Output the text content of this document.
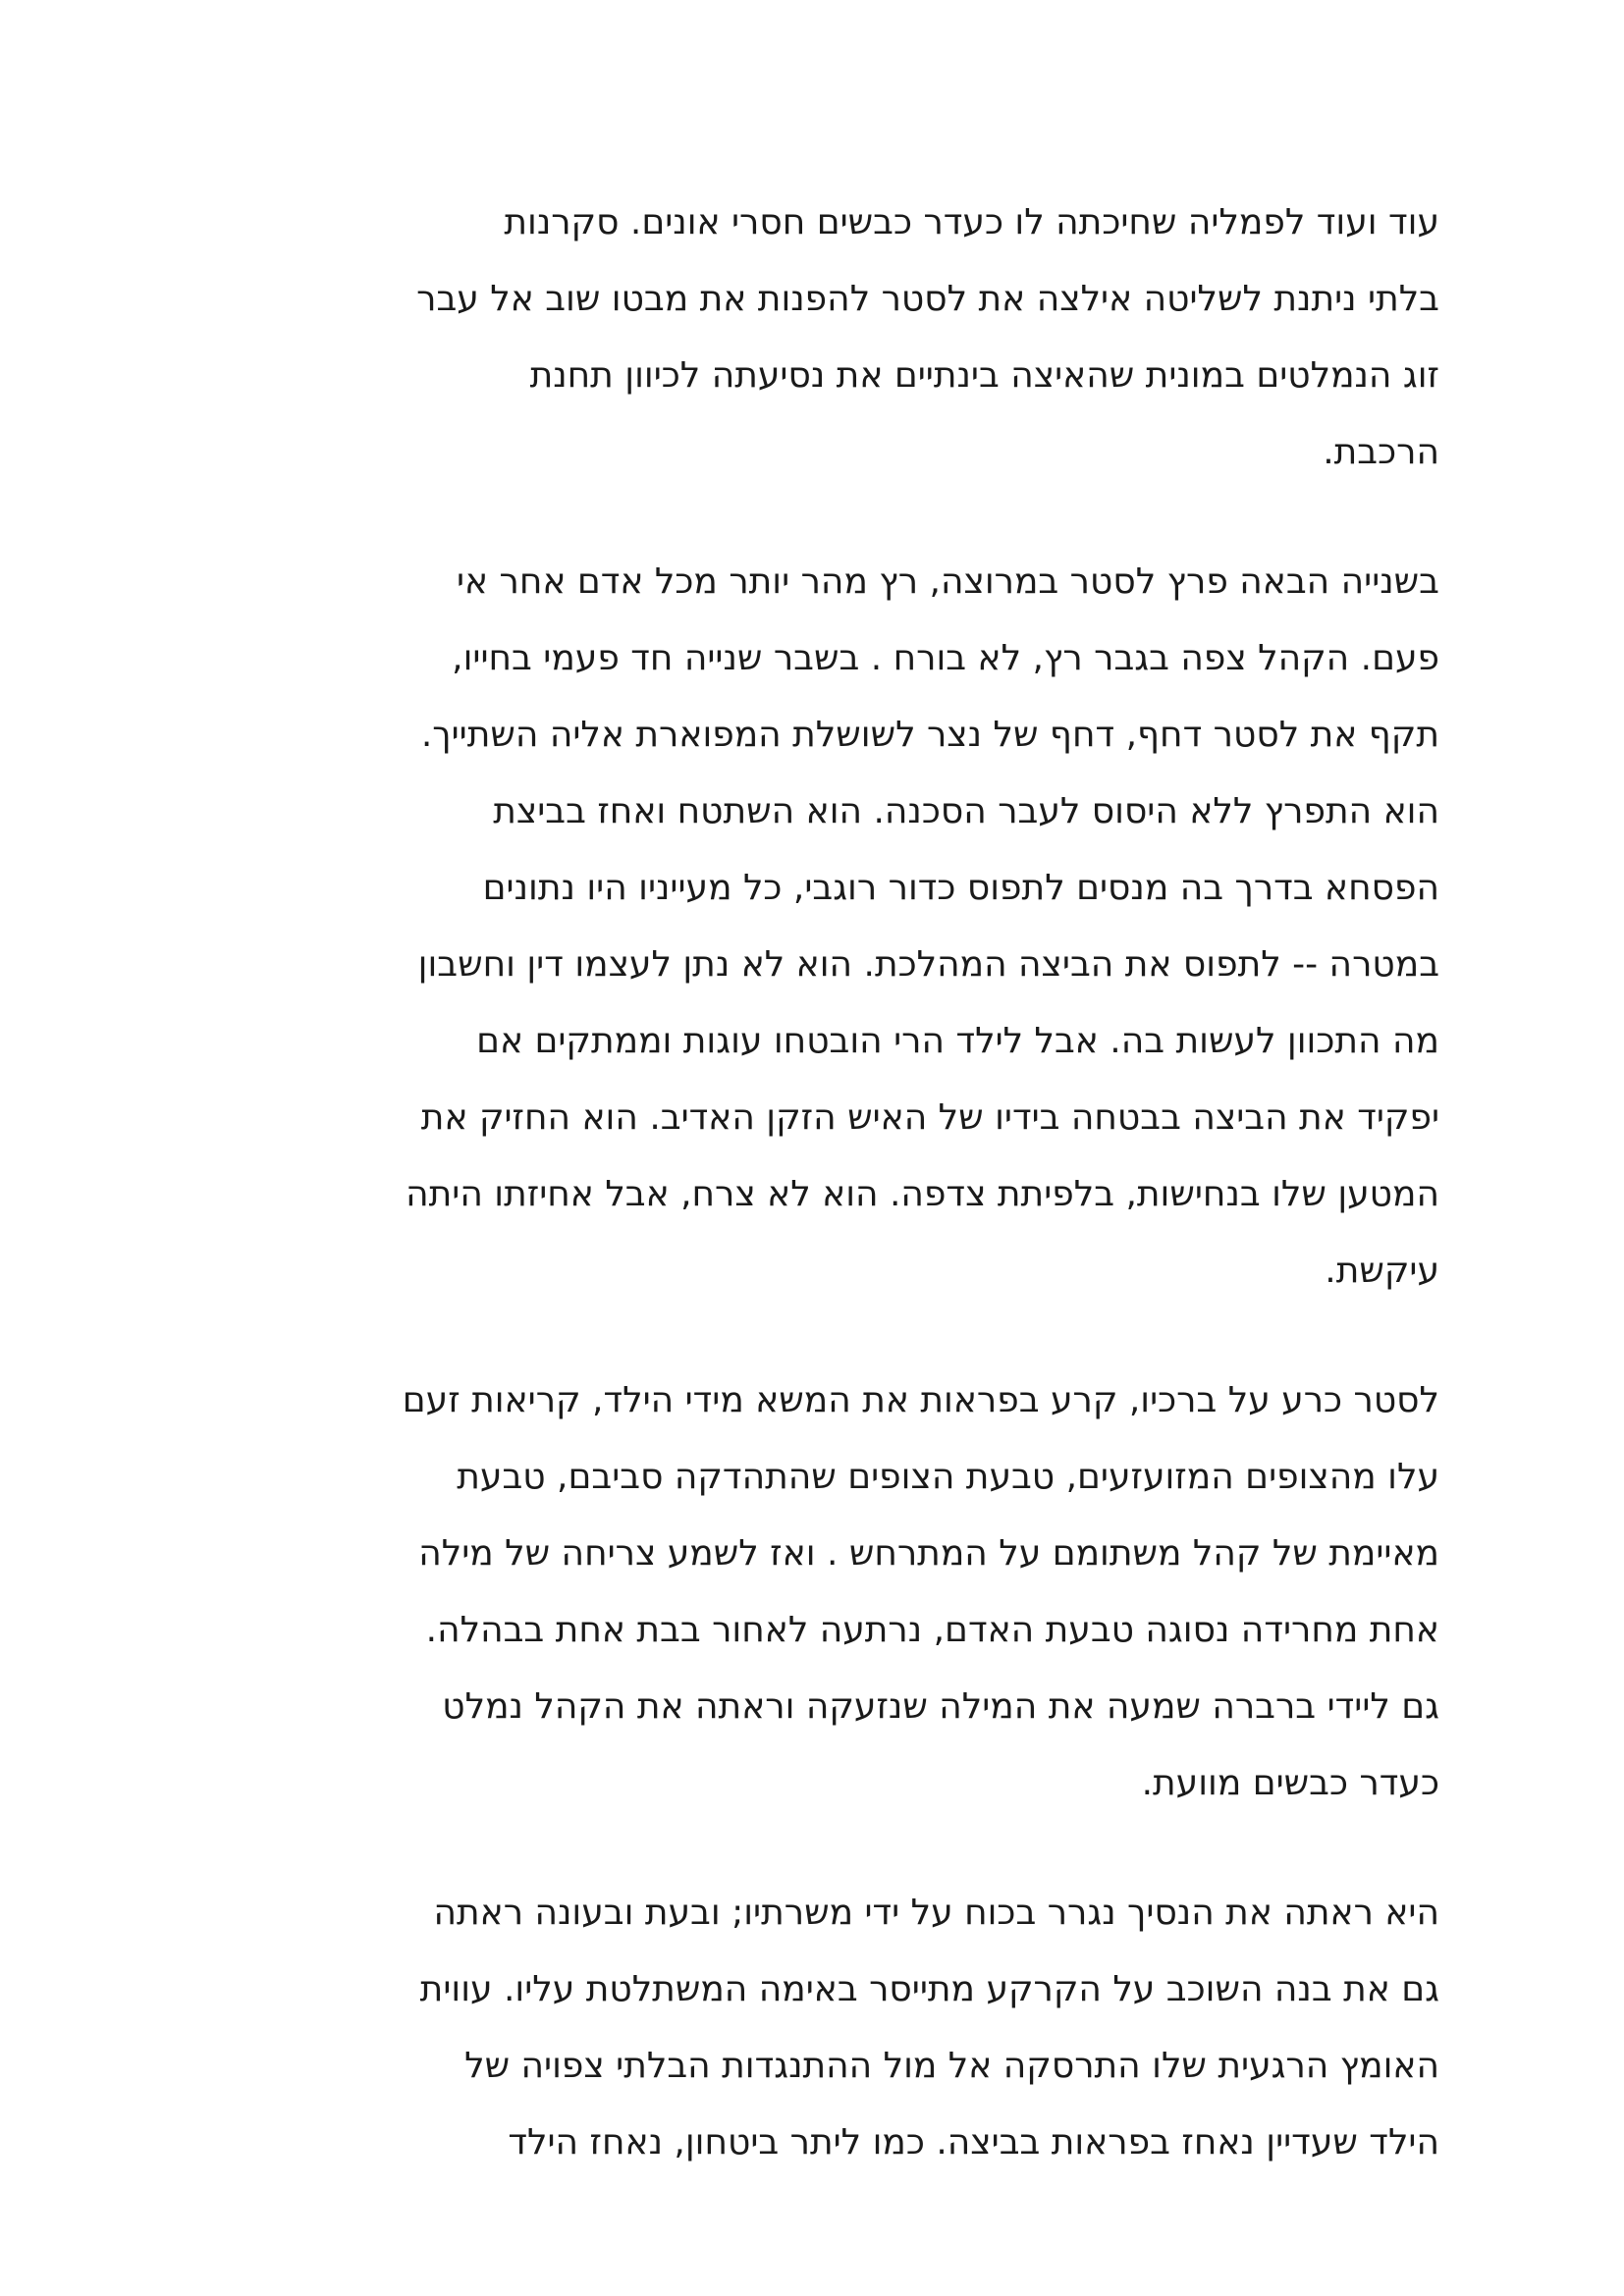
עוד ועוד לפמליה שחיכתה לו כעדר כבשים חסרי אונים. סקרנות
בלתי ניתנת לשליטה אילצה את לסטר להפנות את מבטו שוב אל עבר
זוג הנמלטים במונית שהאיצה בינתיים את נסיעתה לכיוון תחנת
הרכבת.

בשנייה הבאה פרץ לסטר במרוצה, רץ מהר יותר מכל אדם אחר אי
פעם. הקהל צפה בגבר רץ, לא בורח . בשבר שנייה חד פעמי בחייו,
תקף את לסטר דחף, דחף של נצר לשושלת המפוארת אליה השתייך.
הוא התפרץ ללא היסוס לעבר הסכנה. הוא השתטח ואחז בביצת
הפסחא בדרך בה מנסים לתפוס כדור רוגבי, כל מעייניו היו נתונים
במטרה -- לתפוס את הביצה המהלכת. הוא לא נתן לעצמו דין וחשבון
מה התכוון לעשות בה. אבל לילד הרי הובטחו עוגות וממתקים אם
יפקיד את הביצה בבטחה בידיו של האיש הזקן האדיב. הוא החזיק את
המטען שלו בנחישות, בלפיתת צדפה. הוא לא צרח, אבל אחיזתו היתה
עיקשת.

לסטר כרע על ברכיו, קרע בפראות את המשא מידי הילד, קריאות זעם
עלו מהצופים המזועזעים, טבעת הצופים שהתהדקה סביבם, טבעת
מאיימת של קהל משתומם על המתרחש . ואז לשמע צריחה של מילה
אחת מחרידה נסוגה טבעת האדם, נרתעה לאחור בבת אחת בבהלה.
גם ליידי ברברה שמעה את המילה שנזעקה וראתה את הקהל נמלט
כעדר כבשים מוועת.

היא ראתה את הנסיך נגרר בכוח על ידי משרתיו; ובעת ובעונה ראתה
גם את בנה השוכב על הקרקע מתייסר באימה המשתלטת עליו. עווית
האומץ הרגעית שלו התרסקה אל מול ההתנגדות הבלתי צפויה של
הילד שעדיין נאחז בפראות בביצה. כמו ליתר ביטחון, נאחז הילד
